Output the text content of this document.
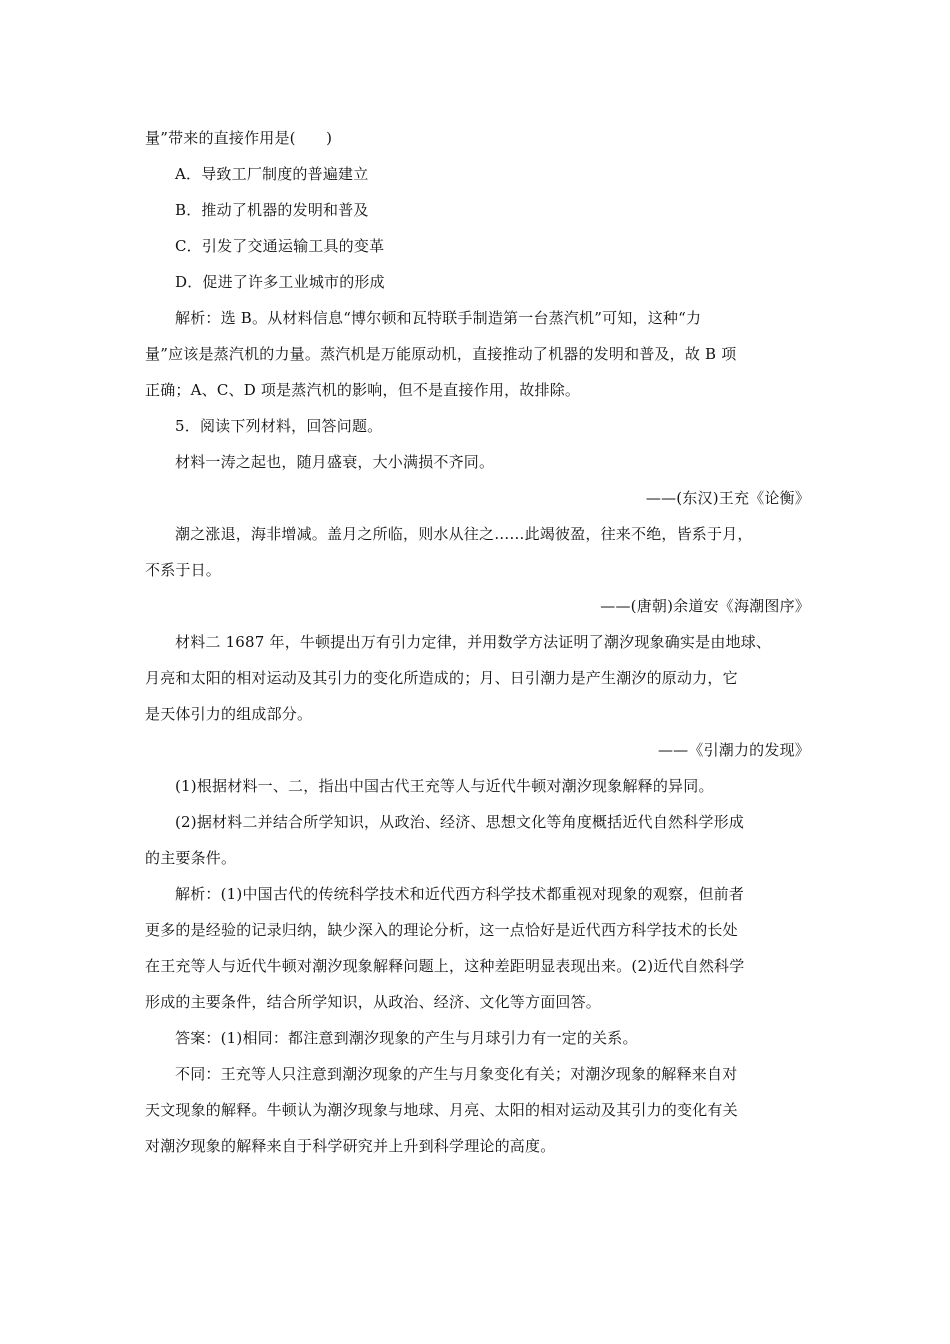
量”带来的直接作用是(　　)
A．导致工厂制度的普遍建立
B．推动了机器的发明和普及
C．引发了交通运输工具的变革
D．促进了许多工业城市的形成
解析：选 B。从材料信息“博尔顿和瓦特联手制造第一台蒸汽机”可知，这种“力
量”应该是蒸汽机的力量。蒸汽机是万能原动机，直接推动了机器的发明和普及，故 B 项
正确；A、C、D 项是蒸汽机的影响，但不是直接作用，故排除。
5．阅读下列材料，回答问题。
材料一涛之起也，随月盛衰，大小满损不齐同。
——(东汉)王充《论衡》
潮之涨退，海非增减。盖月之所临，则水从往之……此竭彼盈，往来不绝，皆系于月，
不系于日。
——(唐朝)余道安《海潮图序》
材料二 1687 年，牛顿提出万有引力定律，并用数学方法证明了潮汐现象确实是由地球、
月亮和太阳的相对运动及其引力的变化所造成的；月、日引潮力是产生潮汐的原动力，它
是天体引力的组成部分。
——《引潮力的发现》
(1)根据材料一、二，指出中国古代王充等人与近代牛顿对潮汐现象解释的异同。
(2)据材料二并结合所学知识，从政治、经济、思想文化等角度概括近代自然科学形成
的主要条件。
解析：(1)中国古代的传统科学技术和近代西方科学技术都重视对现象的观察，但前者
更多的是经验的记录归纳，缺少深入的理论分析，这一点恰好是近代西方科学技术的长处
在王充等人与近代牛顿对潮汐现象解释问题上，这种差距明显表现出来。(2)近代自然科学
形成的主要条件，结合所学知识，从政治、经济、文化等方面回答。
答案：(1)相同：都注意到潮汐现象的产生与月球引力有一定的关系。
不同：王充等人只注意到潮汐现象的产生与月象变化有关；对潮汐现象的解释来自对
天文现象的解释。牛顿认为潮汐现象与地球、月亮、太阳的相对运动及其引力的变化有关
对潮汐现象的解释来自于科学研究并上升到科学理论的高度。
